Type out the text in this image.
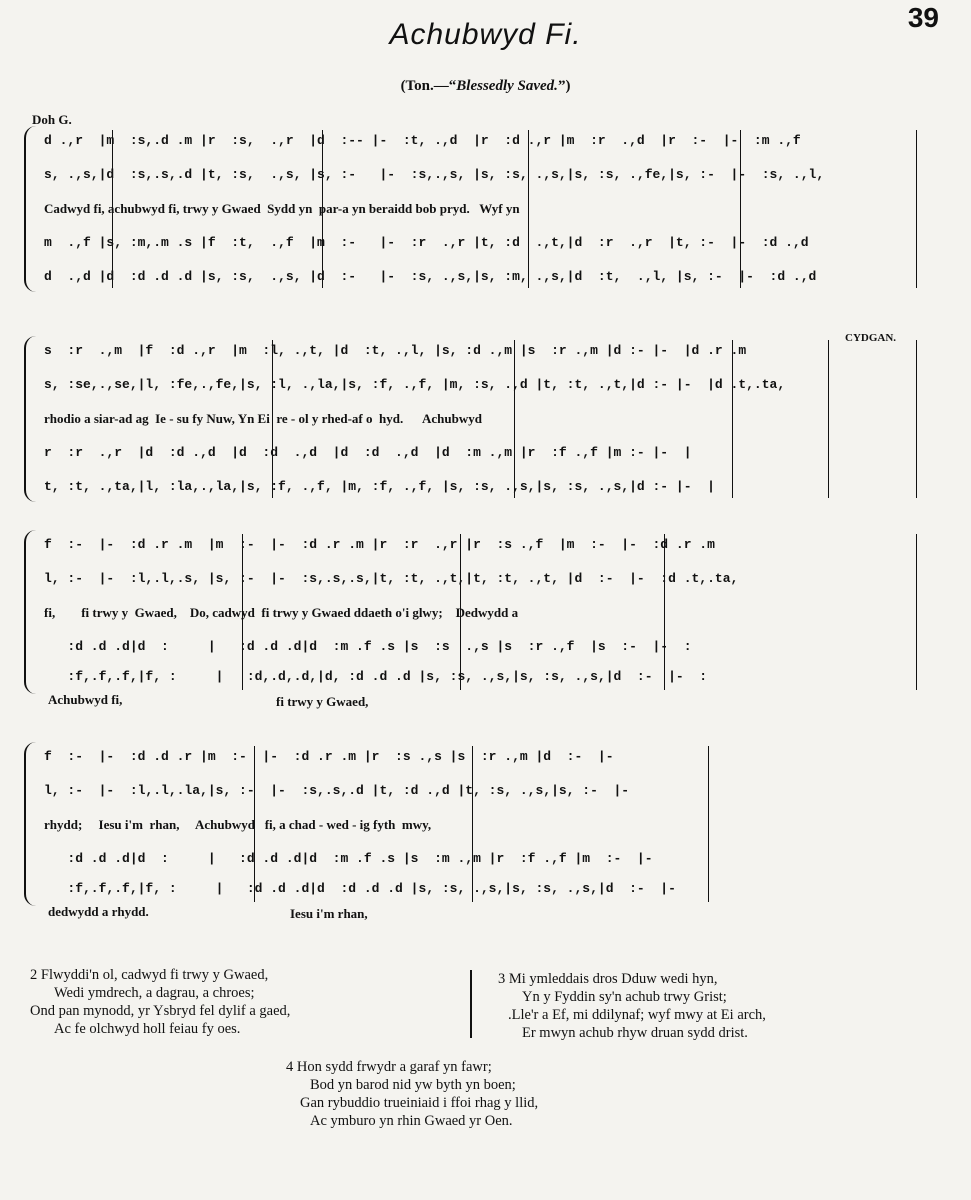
39
Achubwyd Fi.
(Ton.—“Blessedly Saved.”)
Doh G.
CYDGAN.
d .,r  |m  :s,.d .m |r  :s,  .,r  |d  :-- |-  :t, .,d  |r  :d .,r |m  :r  .,d  |r  :-  |-  :m .,f
s, .,s,|d  :s,.s,.d |t, :s,  .,s, |s, :-   |-  :s,.,s, |s, :s, .,s,|s, :s, .,fe,|s, :-  |-  :s, .,l,
Cadwyd fi, achubwyd fi, trwy y Gwaed  Sydd yn  par-a yn beraidd bob pryd.   Wyf yn
m  .,f |s, :m,.m .s |f  :t,  .,f  |m  :-   |-  :r  .,r |t, :d  .,t,|d  :r  .,r  |t, :-  |-  :d .,d
d  .,d |d  :d .d .d |s, :s,  .,s, |d  :-   |-  :s, .,s,|s, :m, .,s,|d  :t,  .,l, |s, :-  |-  :d .,d
s  :r  .,m  |f  :d .,r  |m  :l, .,t, |d  :t, .,l, |s, :d .,m |s  :r .,m |d :- |-  |d .r .m
s, :se,.,se,|l, :fe,.,fe,|s, :l, .,la,|s, :f, .,f, |m, :s, .,d |t, :t, .,t,|d :- |-  |d .t,.ta,
rhodio a siar-ad ag  Ie - su fy Nuw, Yn Ei  re - ol y rhed-af o  hyd.      Achubwyd
r  :r  .,r  |d  :d .,d  |d  :d  .,d  |d  :d  .,d  |d  :m .,m |r  :f .,f |m :- |-  |
t, :t, .,ta,|l, :la,.,la,|s, :f, .,f, |m, :f, .,f, |s, :s, .,s,|s, :s, .,s,|d :- |-  |
f  :-  |-  :d .r .m  |m  :-  |-  :d .r .m |r  :r  .,r |r  :s .,f  |m  :-  |-  :d .r .m
l, :-  |-  :l,.l,.s, |s, :-  |-  :s,.s,.s,|t, :t, .,t,|t, :t, .,t, |d  :-  |-  :d .t,.ta,
fi,        fi trwy y  Gwaed,    Do, cadwyd  fi trwy y Gwaed ddaeth o'i glwy;    Dedwydd a
:d .d .d|d  :     |   :d .d .d|d  :m .f .s |s  :s  .,s |s  :r .,f  |s  :-  |-  :
:f,.f,.f,|f, :     |   :d,.d,.d,|d, :d .d .d |s, :s, .,s,|s, :s, .,s,|d  :-  |-  :
Achubwyd fi,	fi trwy y Gwaed,
f  :-  |-  :d .d .r |m  :-  |-  :d .r .m |r  :s .,s |s  :r .,m |d  :-  |-
l, :-  |-  :l,.l,.la,|s, :-  |-  :s,.s,.d |t, :d .,d |t, :s, .,s,|s, :-  |-
rhydd;     Iesu i'm  rhan,     Achubwyd   fi, a chad - wed - ig fyth  mwy,
:d .d .d|d  :     |   :d .d .d|d  :m .f .s |s  :m .,m |r  :f .,f |m  :-  |-
:f,.f,.f,|f, :     |   :d .d .d|d  :d .d .d |s, :s, .,s,|s, :s, .,s,|d  :-  |-
dedwydd a rhydd.	Iesu i'm rhan,
2 Flwyddi'n ol, cadwyd fi trwy y Gwaed,
Wedi ymdrech, a dagrau, a chroes;
Ond pan mynodd, yr Ysbryd fel dylif a gaed,
Ac fe olchwyd holl feiau fy oes.
3 Mi ymleddais dros Dduw wedi hyn,
Yn y Fyddin sy'n achub trwy Grist;
.Lle'r a Ef, mi ddilynaf; wyf mwy at Ei arch,
Er mwyn achub rhyw druan sydd drist.
4 Hon sydd frwydr a garaf yn fawr;
Bod yn barod nid yw byth yn boen;
Gan rybuddio trueiniaid i ffoi rhag y llid,
Ac ymburo yn rhin Gwaed yr Oen.
